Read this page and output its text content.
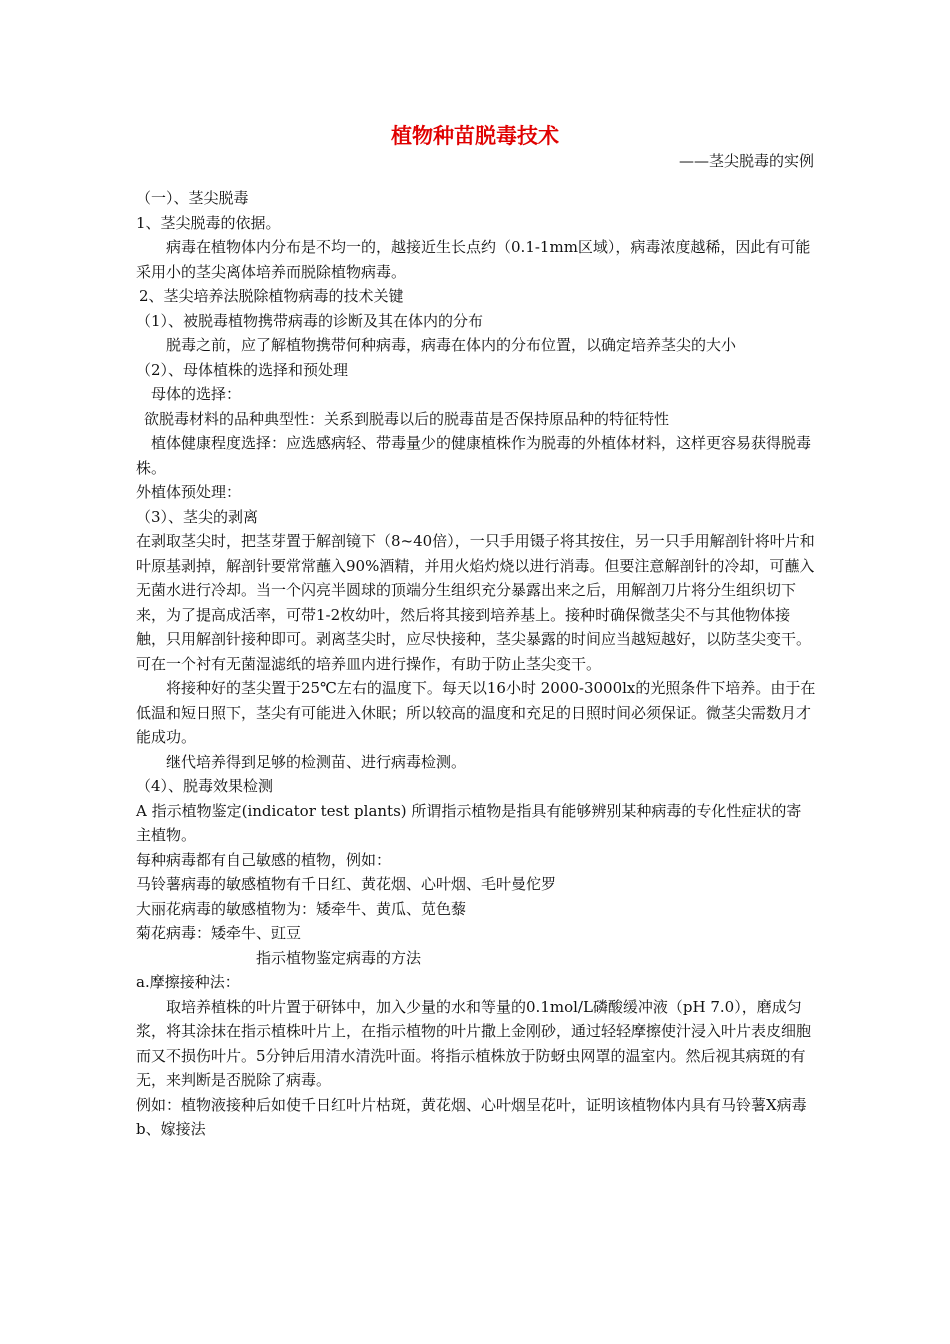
植物种苗脱毒技术
——茎尖脱毒的实例

（一）、茎尖脱毒

1、茎尖脱毒的依据。

病毒在植物体内分布是不均一的，越接近生长点约（0.1-1mm区域），病毒浓度越稀，因此有可能采用小的茎尖离体培养而脱除植物病毒。

2、茎尖培养法脱除植物病毒的技术关键

（1）、被脱毒植物携带病毒的诊断及其在体内的分布

脱毒之前，应了解植物携带何种病毒，病毒在体内的分布位置，以确定培养茎尖的大小

（2）、母体植株的选择和预处理

母体的选择：

欲脱毒材料的品种典型性：关系到脱毒以后的脱毒苗是否保持原品种的特征特性

植体健康程度选择：应选感病轻、带毒量少的健康植株作为脱毒的外植体材料，这样更容易获得脱毒株。

外植体预处理：

（3）、茎尖的剥离

在剥取茎尖时，把茎芽置于解剖镜下（8~40倍），一只手用镊子将其按住，另一只手用解剖针将叶片和叶原基剥掉，解剖针要常常蘸入90%酒精，并用火焰灼烧以进行消毒。但要注意解剖针的冷却，可蘸入无菌水进行冷却。当一个闪亮半圆球的顶端分生组织充分暴露出来之后，用解剖刀片将分生组织切下来，为了提高成活率，可带1-2枚幼叶，然后将其接到培养基上。接种时确保微茎尖不与其他物体接触，只用解剖针接种即可。剥离茎尖时，应尽快接种，茎尖暴露的时间应当越短越好，以防茎尖变干。可在一个衬有无菌湿滤纸的培养皿内进行操作，有助于防止茎尖变干。

将接种好的茎尖置于25℃左右的温度下。每天以16小时 2000-3000lx的光照条件下培养。由于在低温和短日照下，茎尖有可能进入休眠；所以较高的温度和充足的日照时间必须保证。微茎尖需数月才能成功。

继代培养得到足够的检测苗、进行病毒检测。

（4）、脱毒效果检测

A 指示植物鉴定(indicator test plants) 所谓指示植物是指具有能够辨别某种病毒的专化性症状的寄主植物。

每种病毒都有自己敏感的植物，例如：

马铃薯病毒的敏感植物有千日红、黄花烟、心叶烟、毛叶曼佗罗

大丽花病毒的敏感植物为：矮牵牛、黄瓜、苋色藜

菊花病毒：矮牵牛、豇豆

指示植物鉴定病毒的方法

a.摩擦接种法：

取培养植株的叶片置于研钵中，加入少量的水和等量的0.1mol/L磷酸缓冲液（pH 7.0），磨成匀浆，将其涂抹在指示植株叶片上，在指示植物的叶片撒上金刚砂，通过轻轻摩擦使汁浸入叶片表皮细胞而又不损伤叶片。5分钟后用清水清洗叶面。将指示植株放于防蚜虫网罩的温室内。然后视其病斑的有无，来判断是否脱除了病毒。

例如：植物液接种后如使千日红叶片枯斑，黄花烟、心叶烟呈花叶，证明该植物体内具有马铃薯X病毒

b、嫁接法
